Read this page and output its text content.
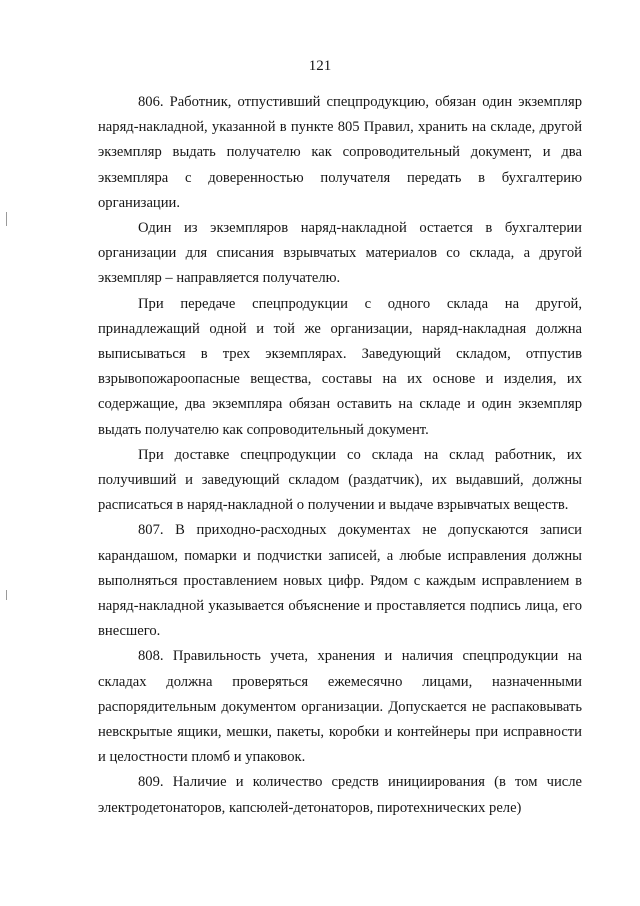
121

806. Работник, отпустивший спецпродукцию, обязан один экземпляр наряд-накладной, указанной в пункте 805 Правил, хранить на складе, другой экземпляр выдать получателю как сопроводительный документ, и два экземпляра с доверенностью получателя передать в бухгалтерию организации.

Один из экземпляров наряд-накладной остается в бухгалтерии организации для списания взрывчатых материалов со склада, а другой экземпляр – направляется получателю.

При передаче спецпродукции с одного склада на другой, принадлежащий одной и той же организации, наряд-накладная должна выписываться в трех экземплярах. Заведующий складом, отпустив взрывопожароопасные вещества, составы на их основе и изделия, их содержащие, два экземпляра обязан оставить на складе и один экземпляр выдать получателю как сопроводительный документ.

При доставке спецпродукции со склада на склад работник, их получивший и заведующий складом (раздатчик), их выдавший, должны расписаться в наряд-накладной о получении и выдаче взрывчатых веществ.

807. В приходно-расходных документах не допускаются записи карандашом, помарки и подчистки записей, а любые исправления должны выполняться проставлением новых цифр. Рядом с каждым исправлением в наряд-накладной указывается объяснение и проставляется подпись лица, его внесшего.

808. Правильность учета, хранения и наличия спецпродукции на складах должна проверяться ежемесячно лицами, назначенными распорядительным документом организации. Допускается не распаковывать невскрытые ящики, мешки, пакеты, коробки и контейнеры при исправности и целостности пломб и упаковок.

809. Наличие и количество средств инициирования (в том числе электродетонаторов, капсюлей-детонаторов, пиротехнических реле)
